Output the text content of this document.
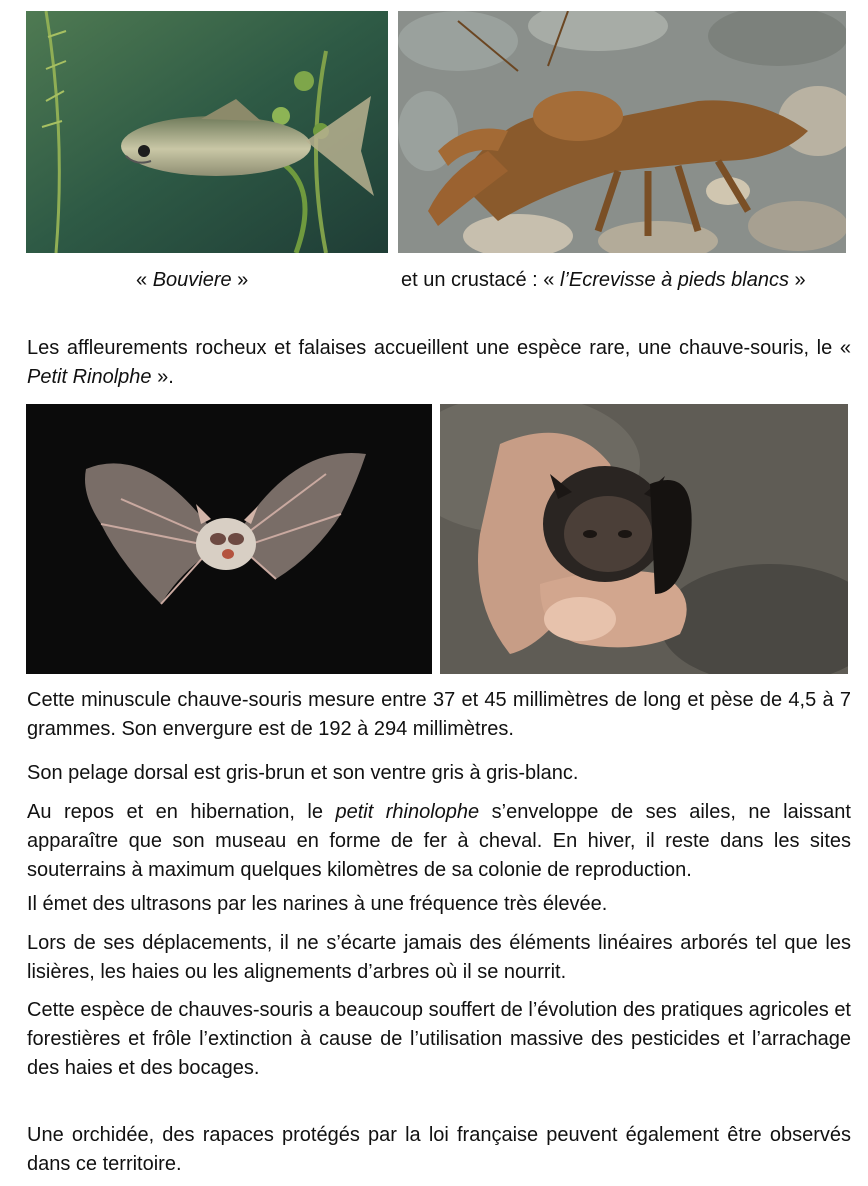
« Bouviere »	et un crustacé : « l’Ecrevisse à pieds blancs »

Les affleurements rocheux et falaises accueillent une espèce rare, une chauve-souris, le « Petit Rinolphe ».

Cette minuscule chauve-souris mesure entre 37 et 45 millimètres de long et pèse de 4,5 à 7 grammes. Son envergure est de 192 à 294 millimètres.

Son pelage dorsal est gris-brun et son ventre gris à gris-blanc.

Au repos et en hibernation, le petit rhinolophe s’enveloppe de ses ailes, ne laissant apparaître que son museau en forme de fer à cheval. En hiver, il reste dans les sites souterrains à maximum quelques kilomètres de sa colonie de reproduction.

Il émet des ultrasons par les narines à une fréquence très élevée.

Lors de ses déplacements, il ne s’écarte jamais des éléments linéaires arborés tel que les lisières, les haies ou les alignements d’arbres où il se nourrit.

Cette espèce de chauves-souris a beaucoup souffert de l’évolution des pratiques agricoles et forestières et frôle l’extinction à cause de l’utilisation massive des pesticides et l’arrachage des haies et des bocages.

Une orchidée, des rapaces protégés par la loi française peuvent également être observés dans ce territoire.
